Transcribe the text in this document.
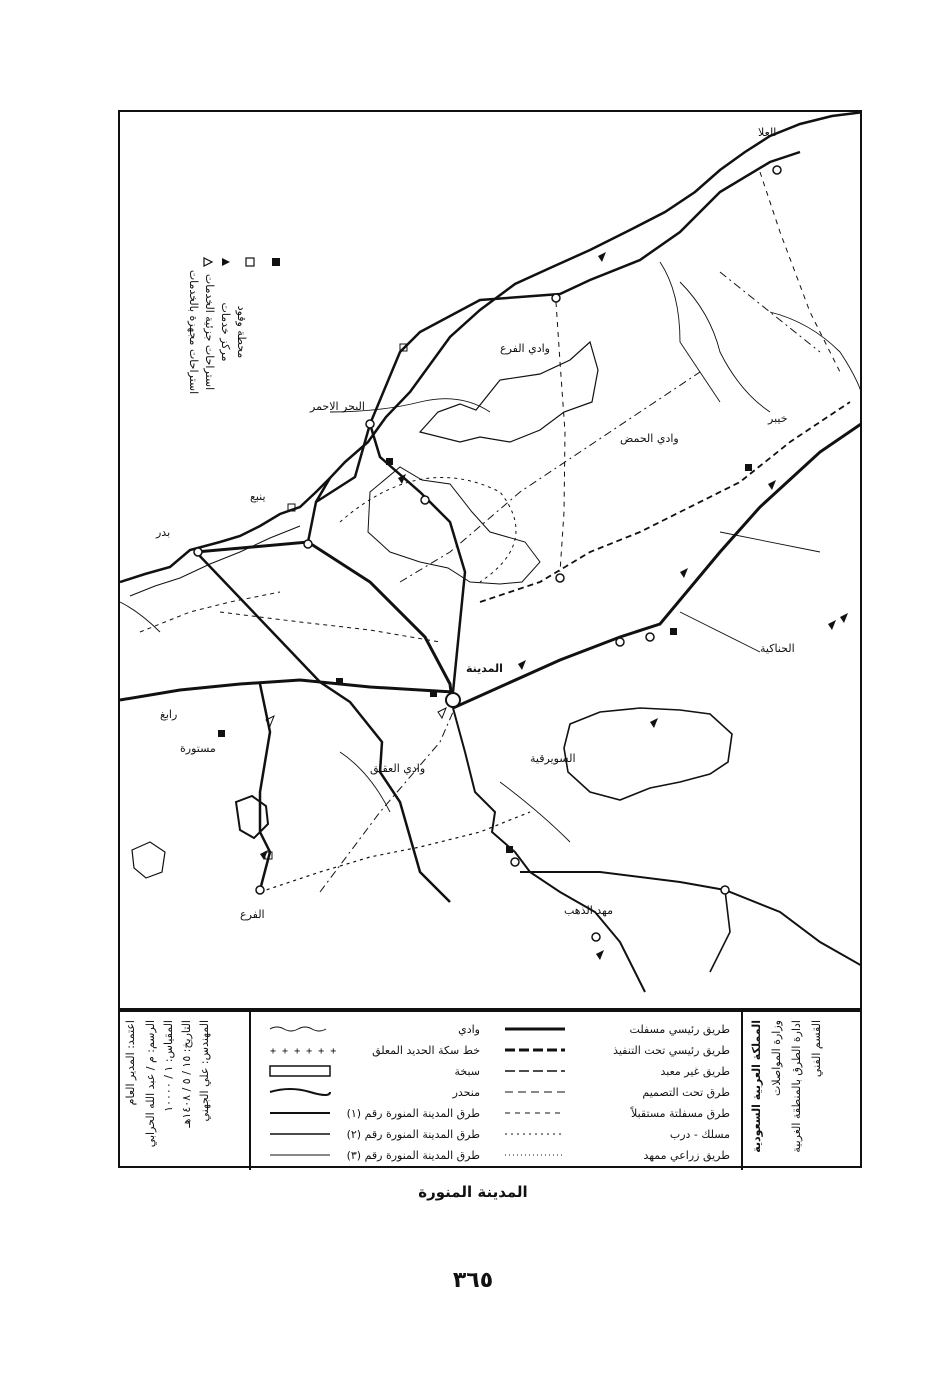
استراحات مجهزة بالخدمات استراحات جزئية الخدمات مركز خدمات محطة وقود
العلا
البحر الاحمر
ينبع
بدر
رابغ
مستورة
خيبر
الحناكية
المدينة
مهد الذهب
السويرقية
الفرع
وادي الفرع
وادي الحمض
وادي العقيق
الرسم: م / عبد الله الحرابي المقياس: ١ / ١٠٠٠٠
التاريخ: ١٥ / ٥ / ١٤٠٨هـ المهندس: علي الجهني
اعتمد: المدير العام	المملكة العربية السعودية وزارة المواصلات ادارة الطرق بالمنطقة الغربية القسم الفني
طريق رئيسي مسفلت
طريق رئيسي تحت التنفيذ
طريق غير معبد
طرق تحت التصميم
طرق مسفلتة مستقبلاً
مسلك - درب
طريق زراعي ممهد
وادي
+ + + + + +	خط سكة الحديد المعلق
سبخة
منحدر
طرق المدينة المنورة رقم (١)
طرق المدينة المنورة رقم (٢)
طرق المدينة المنورة رقم (٣)
المدينة المنورة
٣٦٥
